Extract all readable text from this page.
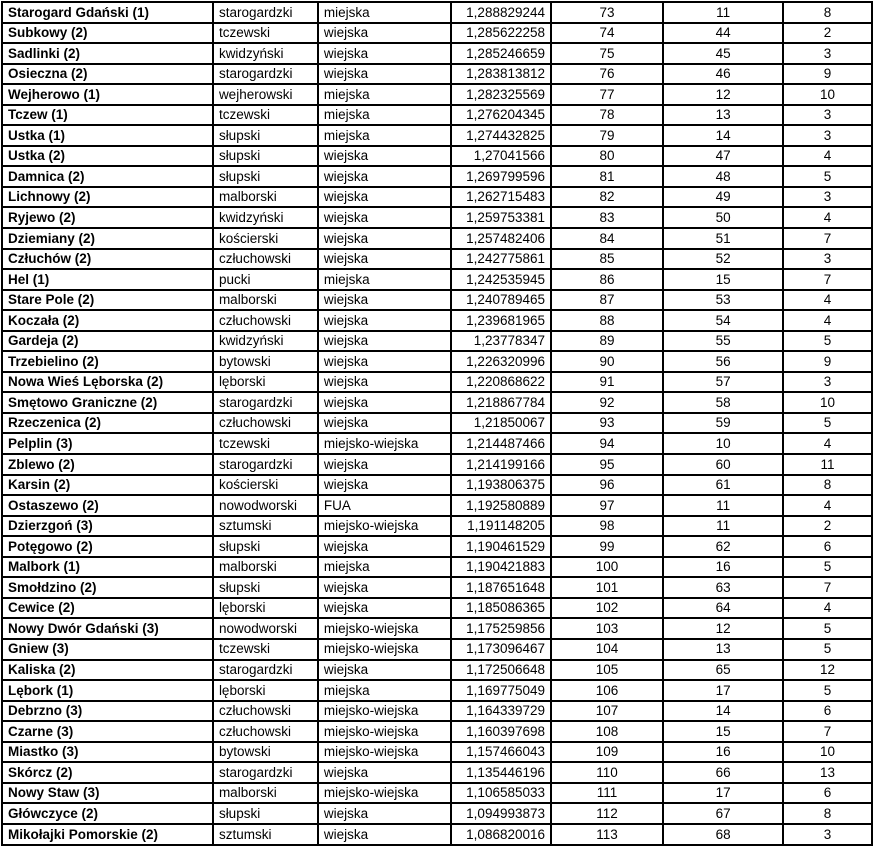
Starogard Gdański (1)	starogardzki	miejska	1,288829244	73	11	8
Subkowy (2)	tczewski	wiejska	1,285622258	74	44	2
Sadlinki (2)	kwidzyński	wiejska	1,285246659	75	45	3
Osieczna (2)	starogardzki	wiejska	1,283813812	76	46	9
Wejherowo (1)	wejherowski	miejska	1,282325569	77	12	10
Tczew (1)	tczewski	miejska	1,276204345	78	13	3
Ustka (1)	słupski	miejska	1,274432825	79	14	3
Ustka (2)	słupski	wiejska	1,27041566	80	47	4
Damnica (2)	słupski	wiejska	1,269799596	81	48	5
Lichnowy (2)	malborski	wiejska	1,262715483	82	49	3
Ryjewo (2)	kwidzyński	wiejska	1,259753381	83	50	4
Dziemiany (2)	kościerski	wiejska	1,257482406	84	51	7
Człuchów (2)	człuchowski	wiejska	1,242775861	85	52	3
Hel (1)	pucki	miejska	1,242535945	86	15	7
Stare Pole (2)	malborski	wiejska	1,240789465	87	53	4
Koczała (2)	człuchowski	wiejska	1,239681965	88	54	4
Gardeja (2)	kwidzyński	wiejska	1,23778347	89	55	5
Trzebielino (2)	bytowski	wiejska	1,226320996	90	56	9
Nowa Wieś Lęborska (2)	lęborski	wiejska	1,220868622	91	57	3
Smętowo Graniczne (2)	starogardzki	wiejska	1,218867784	92	58	10
Rzeczenica (2)	człuchowski	wiejska	1,21850067	93	59	5
Pelplin (3)	tczewski	miejsko-wiejska	1,214487466	94	10	4
Zblewo (2)	starogardzki	wiejska	1,214199166	95	60	11
Karsin (2)	kościerski	wiejska	1,193806375	96	61	8
Ostaszewo (2)	nowodworski	FUA	1,192580889	97	11	4
Dzierzgoń (3)	sztumski	miejsko-wiejska	1,191148205	98	11	2
Potęgowo (2)	słupski	wiejska	1,190461529	99	62	6
Malbork (1)	malborski	miejska	1,190421883	100	16	5
Smołdzino (2)	słupski	wiejska	1,187651648	101	63	7
Cewice (2)	lęborski	wiejska	1,185086365	102	64	4
Nowy Dwór Gdański (3)	nowodworski	miejsko-wiejska	1,175259856	103	12	5
Gniew (3)	tczewski	miejsko-wiejska	1,173096467	104	13	5
Kaliska (2)	starogardzki	wiejska	1,172506648	105	65	12
Lębork (1)	lęborski	miejska	1,169775049	106	17	5
Debrzno (3)	człuchowski	miejsko-wiejska	1,164339729	107	14	6
Czarne (3)	człuchowski	miejsko-wiejska	1,160397698	108	15	7
Miastko (3)	bytowski	miejsko-wiejska	1,157466043	109	16	10
Skórcz (2)	starogardzki	wiejska	1,135446196	110	66	13
Nowy Staw (3)	malborski	miejsko-wiejska	1,106585033	111	17	6
Główczyce (2)	słupski	wiejska	1,094993873	112	67	8
Mikołajki Pomorskie (2)	sztumski	wiejska	1,086820016	113	68	3
